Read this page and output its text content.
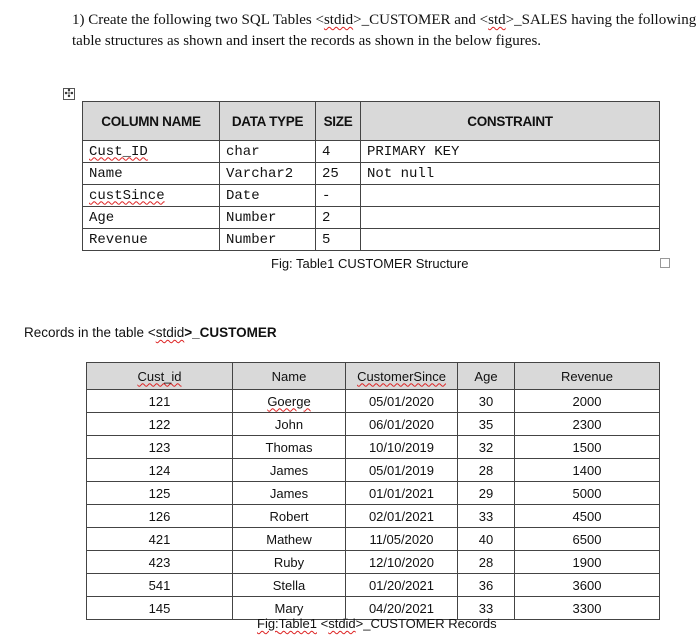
1) Create the following two SQL Tables <stdid>_CUSTOMER and <std>_SALES having the following table structures as shown and insert the records as shown in the below figures.
✣
COLUMN NAME	DATA TYPE	SIZE	CONSTRAINT
Cust_ID	char	4	PRIMARY KEY
Name	Varchar2	25	Not null
custSince	Date	-	
Age	Number	2	
Revenue	Number	5	
Fig: Table1 CUSTOMER Structure
Records in the table <stdid>_CUSTOMER
Cust_id	Name	CustomerSince	Age	Revenue
121	Goerge	05/01/2020	30	2000
122	John	06/01/2020	35	2300
123	Thomas	10/10/2019	32	1500
124	James	05/01/2019	28	1400
125	James	01/01/2021	29	5000
126	Robert	02/01/2021	33	4500
421	Mathew	11/05/2020	40	6500
423	Ruby	12/10/2020	28	1900
541	Stella	01/20/2021	36	3600
145	Mary	04/20/2021	33	3300
Fig:Table1 <stdid>_CUSTOMER Records
